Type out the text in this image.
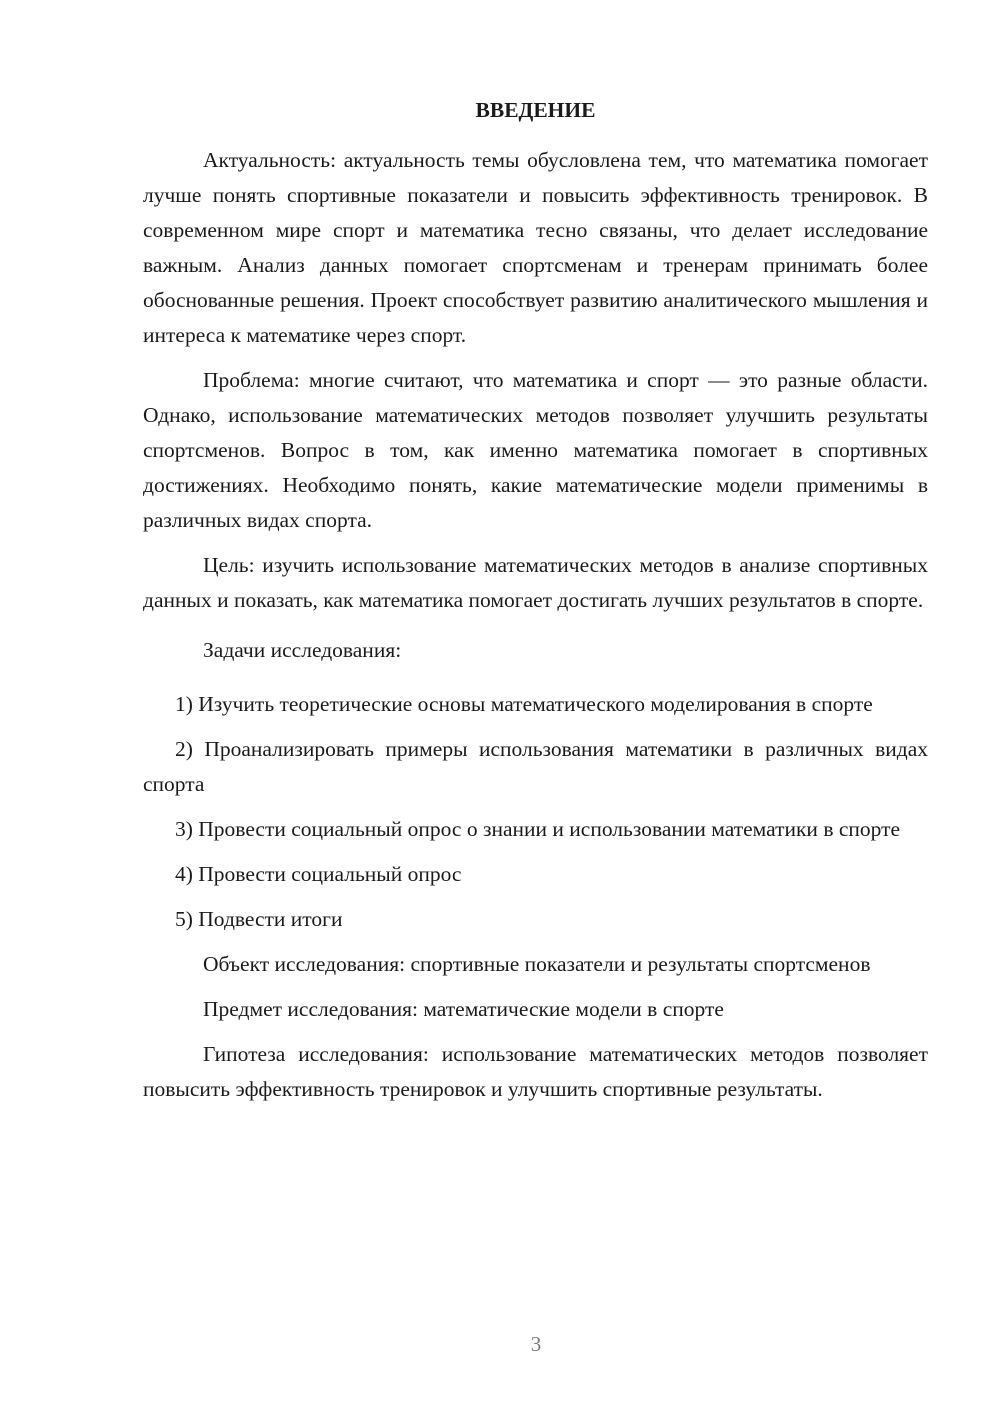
ВВЕДЕНИЕ
Актуальность: актуальность темы обусловлена тем, что математика помогает лучше понять спортивные показатели и повысить эффективность тренировок. В современном мире спорт и математика тесно связаны, что делает исследование важным. Анализ данных помогает спортсменам и тренерам принимать более обоснованные решения. Проект способствует развитию аналитического мышления и интереса к математике через спорт.
Проблема: многие считают, что математика и спорт — это разные области. Однако, использование математических методов позволяет улучшить результаты спортсменов. Вопрос в том, как именно математика помогает в спортивных достижениях. Необходимо понять, какие математические модели применимы в различных видах спорта.
Цель: изучить использование математических методов в анализе спортивных данных и показать, как математика помогает достигать лучших результатов в спорте.
Задачи исследования:
1) Изучить теоретические основы математического моделирования в спорте
2) Проанализировать примеры использования математики в различных видах спорта
3) Провести социальный опрос о знании и использовании математики в спорте
4) Провести социальный опрос
5) Подвести итоги
Объект исследования: спортивные показатели и результаты спортсменов
Предмет исследования: математические модели в спорте
Гипотеза исследования: использование математических методов позволяет повысить эффективность тренировок и улучшить спортивные результаты.
3
